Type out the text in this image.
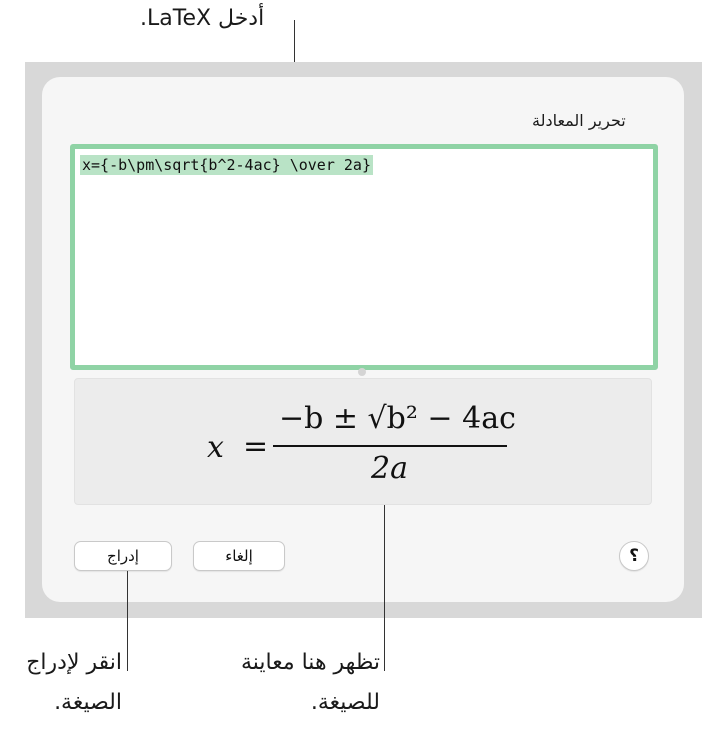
أدخل LaTeX.
تحرير المعادلة
x={-b\pm\sqrt{b^2-4ac} \over 2a}
x =
−b ± √b² − 4ac
2a
إدراج	إلغاء	؟
انقر لإدراج
الصيغة.
تظهر هنا معاينة
للصيغة.
